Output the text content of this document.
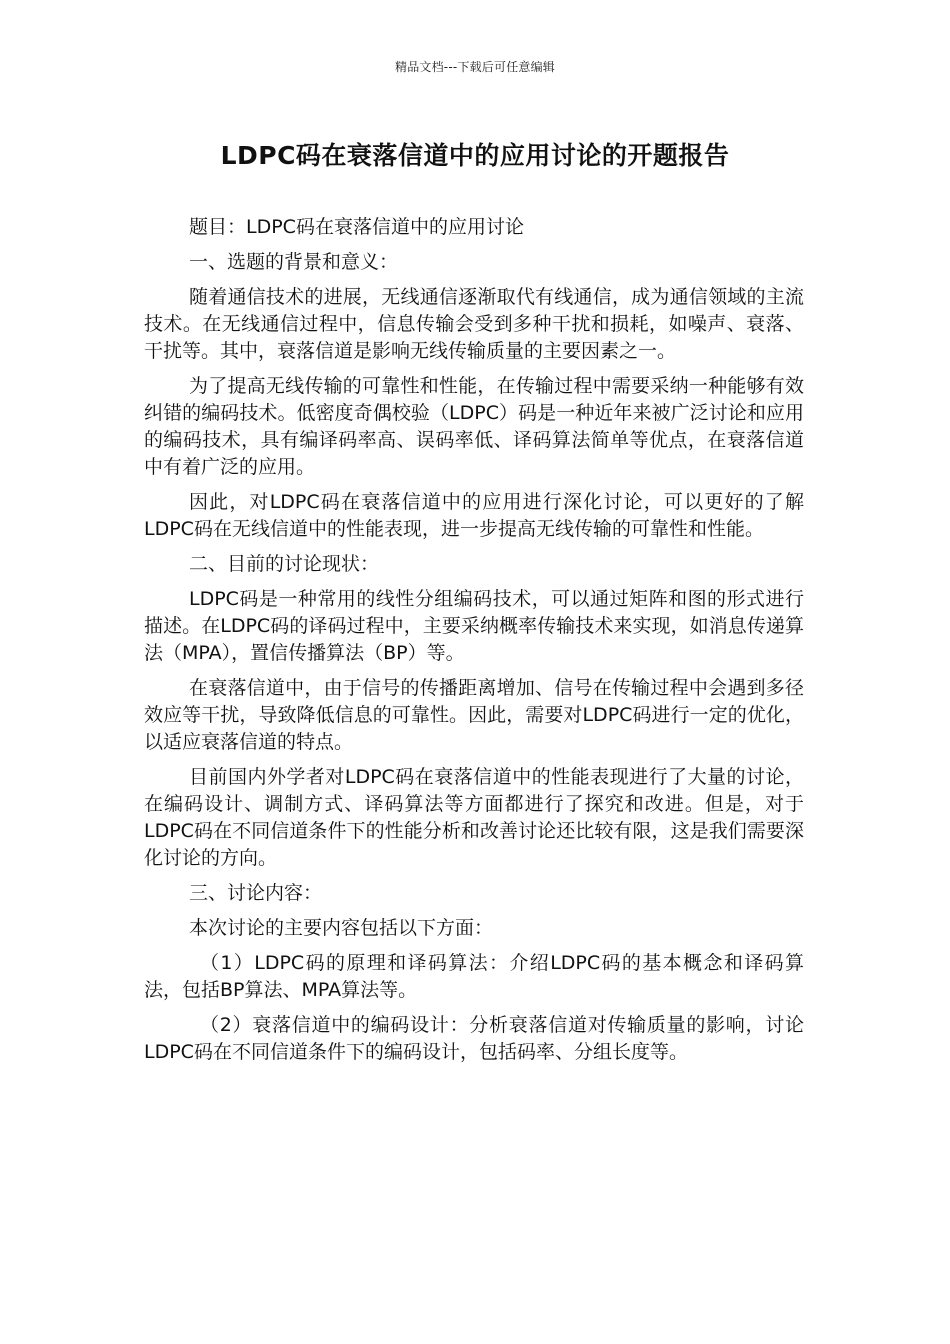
精品文档---下载后可任意编辑
LDPC码在衰落信道中的应用讨论的开题报告

题目：LDPC码在衰落信道中的应用讨论

一、选题的背景和意义：

随着通信技术的进展，无线通信逐渐取代有线通信，成为通信领域的主流技术。在无线通信过程中，信息传输会受到多种干扰和损耗，如噪声、衰落、干扰等。其中，衰落信道是影响无线传输质量的主要因素之一。

为了提高无线传输的可靠性和性能，在传输过程中需要采纳一种能够有效纠错的编码技术。低密度奇偶校验（LDPC）码是一种近年来被广泛讨论和应用的编码技术，具有编译码率高、误码率低、译码算法简单等优点，在衰落信道中有着广泛的应用。

因此，对LDPC码在衰落信道中的应用进行深化讨论，可以更好的了解LDPC码在无线信道中的性能表现，进一步提高无线传输的可靠性和性能。

二、目前的讨论现状：

LDPC码是一种常用的线性分组编码技术，可以通过矩阵和图的形式进行描述。在LDPC码的译码过程中，主要采纳概率传输技术来实现，如消息传递算法（MPA），置信传播算法（BP）等。

在衰落信道中，由于信号的传播距离增加、信号在传输过程中会遇到多径效应等干扰，导致降低信息的可靠性。因此，需要对LDPC码进行一定的优化，以适应衰落信道的特点。

目前国内外学者对LDPC码在衰落信道中的性能表现进行了大量的讨论，在编码设计、调制方式、译码算法等方面都进行了探究和改进。但是，对于LDPC码在不同信道条件下的性能分析和改善讨论还比较有限，这是我们需要深化讨论的方向。

三、讨论内容：

本次讨论的主要内容包括以下方面：

（1）LDPC码的原理和译码算法：介绍LDPC码的基本概念和译码算法，包括BP算法、MPA算法等。

（2）衰落信道中的编码设计：分析衰落信道对传输质量的影响，讨论LDPC码在不同信道条件下的编码设计，包括码率、分组长度等。
